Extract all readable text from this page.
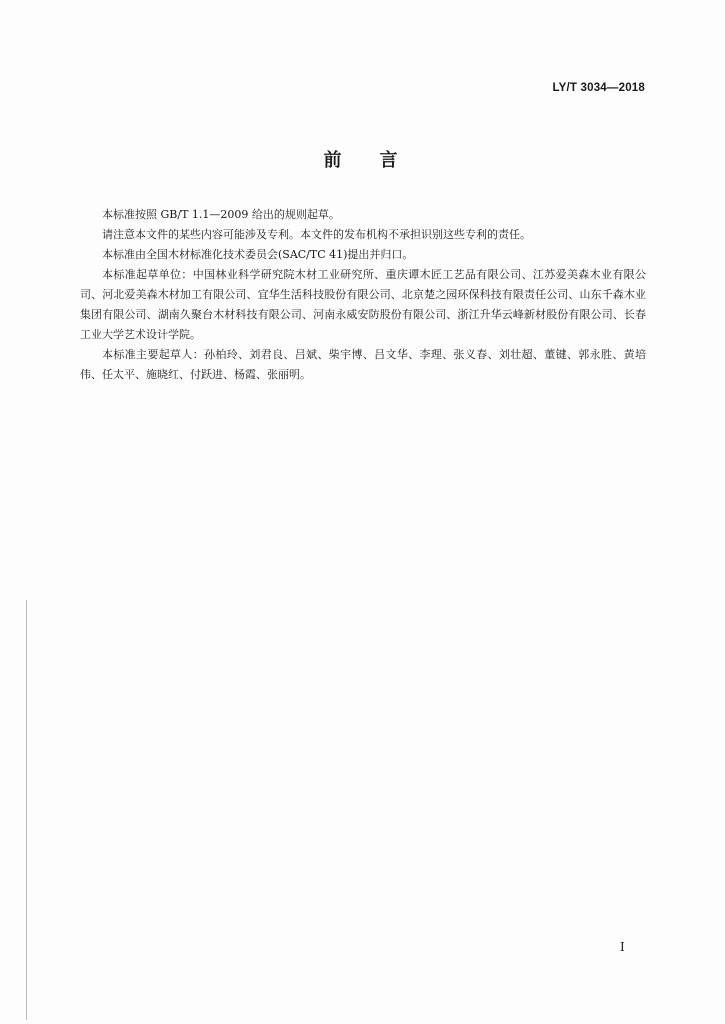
LY/T 3034—2018
前言

本标准按照 GB/T 1.1—2009 给出的规则起草。

请注意本文件的某些内容可能涉及专利。本文件的发布机构不承担识别这些专利的责任。

本标准由全国木材标准化技术委员会(SAC/TC 41)提出并归口。

本标准起草单位：中国林业科学研究院木材工业研究所、重庆谭木匠工艺品有限公司、江苏爱美森木业有限公司、河北爱美森木材加工有限公司、宜华生活科技股份有限公司、北京楚之园环保科技有限责任公司、山东千森木业集团有限公司、湖南久聚台木材科技有限公司、河南永威安防股份有限公司、浙江升华云峰新材股份有限公司、长春工业大学艺术设计学院。

本标准主要起草人：孙柏玲、刘君良、吕斌、柴宇博、吕文华、李理、张义春、刘壮超、董键、郭永胜、黄培伟、任太平、施晓红、付跃进、杨霞、张丽明。

I
